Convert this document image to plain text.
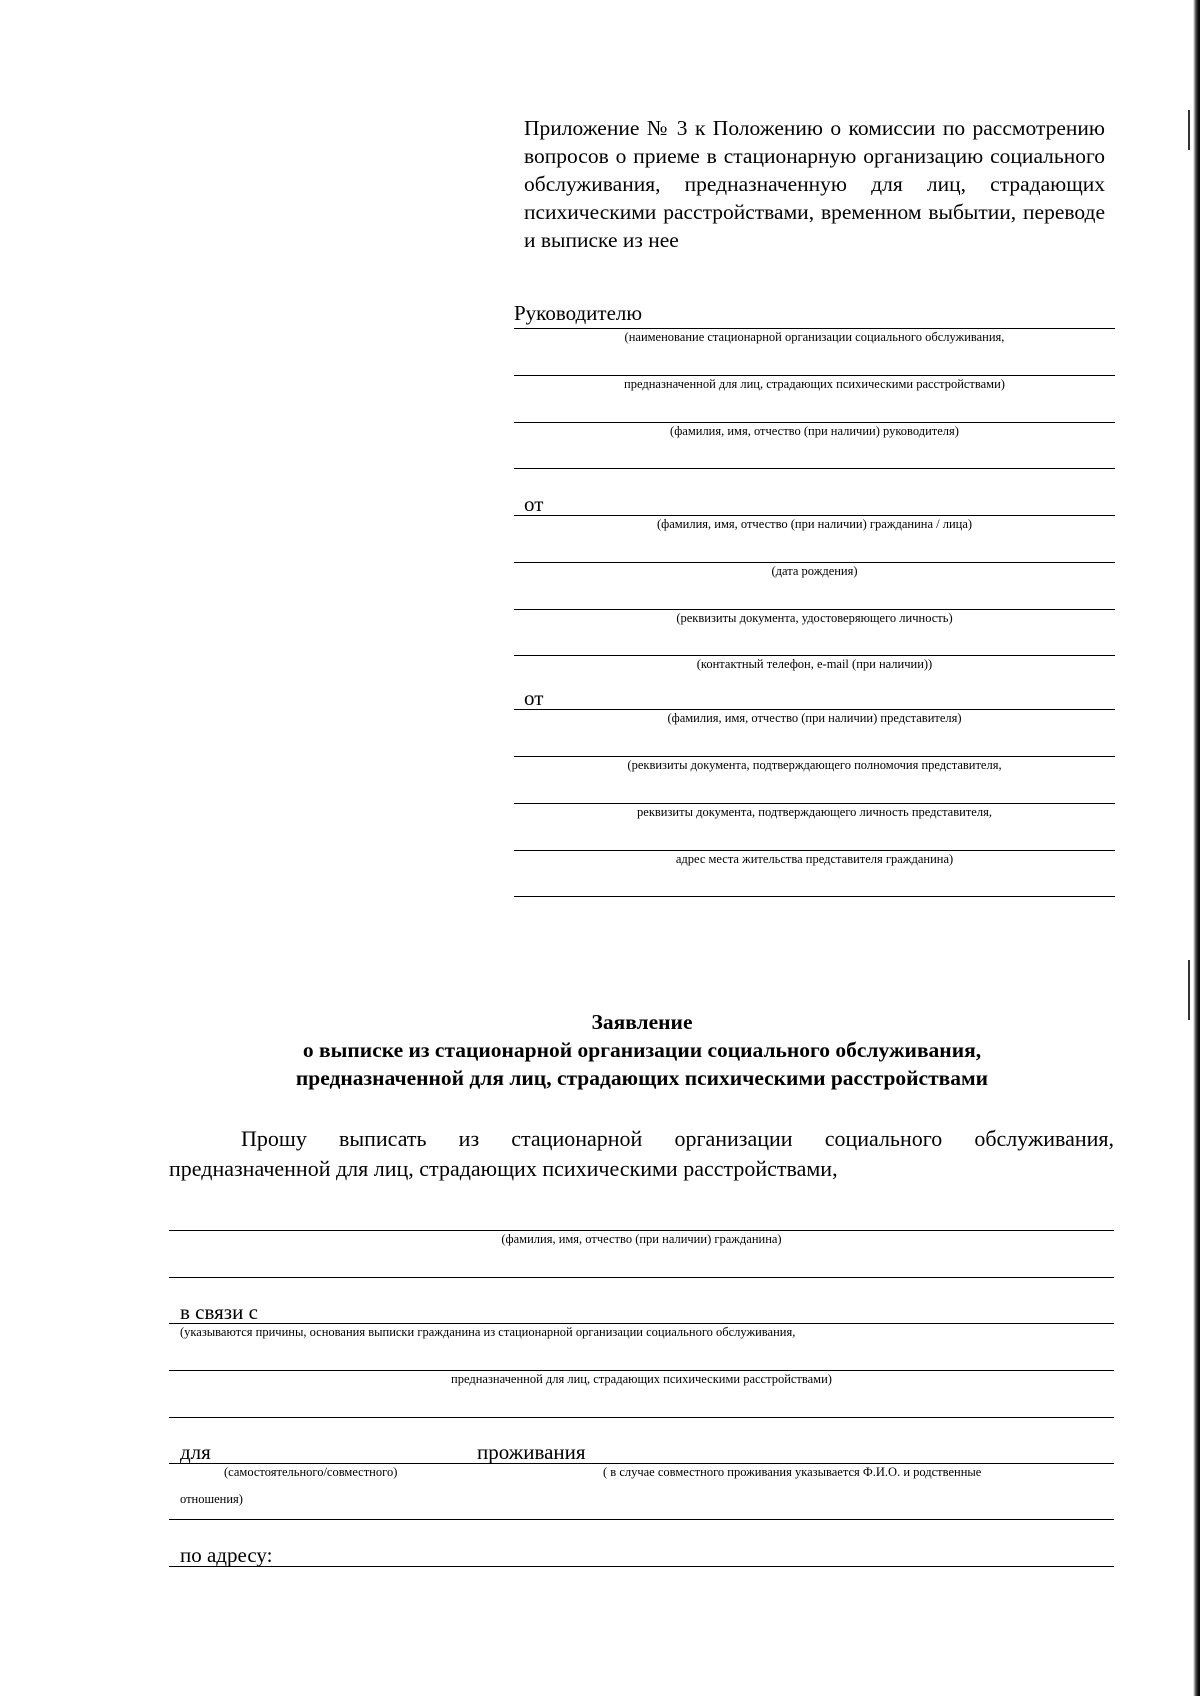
Приложение № 3 к Положению о комиссии по рассмотрению вопросов о приеме в стационарную организацию социального обслуживания, предназначенную для лиц, страдающих психическими расстройствами, временном выбытии, переводе и выписке из нее
Руководителю
(наименование стационарной организации социального обслуживания,
предназначенной для лиц, страдающих психическими расстройствами)
(фамилия, имя, отчество (при наличии) руководителя)
от
(фамилия, имя, отчество (при наличии) гражданина / лица)
(дата рождения)
(реквизиты документа, удостоверяющего личность)
(контактный телефон, e-mail (при наличии))
от
(фамилия, имя, отчество (при наличии) представителя)
(реквизиты документа, подтверждающего полномочия представителя,
реквизиты документа, подтверждающего личность представителя,
адрес места жительства представителя гражданина)
Заявление
о выписке из стационарной организации социального обслуживания,
предназначенной для лиц, страдающих психическими расстройствами
Прошу выписать из стационарной организации социального обслуживания, предназначенной для лиц, страдающих психическими расстройствами,
(фамилия, имя, отчество (при наличии) гражданина)
в связи с
(указываются причины, основания выписки гражданина из стационарной организации социального обслуживания,
предназначенной для лиц, страдающих психическими расстройствами)
для	проживания
(самостоятельного/совместного)	( в случае совместного проживания указывается Ф.И.О. и родственные
отношения)
по адресу:
